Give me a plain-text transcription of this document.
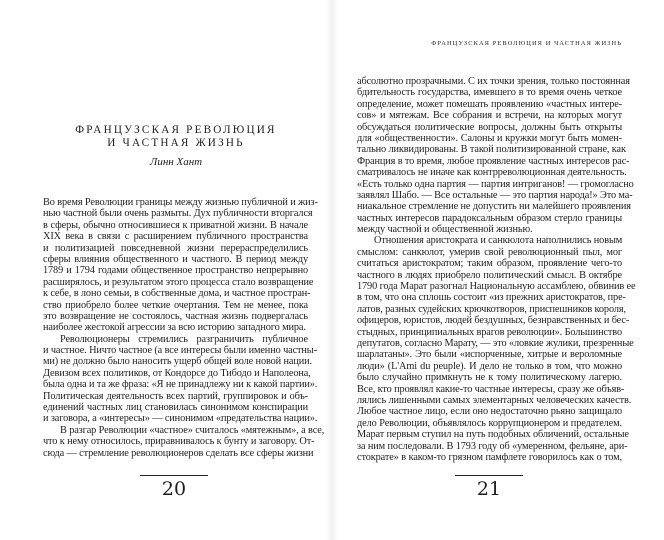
ФРАНЦУЗСКАЯ РЕВОЛЮЦИЯ
И ЧАСТНАЯ ЖИЗНЬ
Линн Хант
Во время Революции границы между жизнью публичной и жиз-
нью частной были очень размыты. Дух публичности вторгался
в сферы, обычно относившиеся к приватной жизни. В начале
XIX века в связи с расширением публичного пространства
и политизацией повседневной жизни перераспределились
сферы влияния общественного и частного. В период между
1789 и 1794 годами общественное пространство непрерывно
расширялось, и результатом этого процесса стало возвращение
к себе, в лоно семьи, в собственные дома, и частное простран-
ство приобрело более четкие очертания. Тем не менее, пока
это возвращение не состоялось, частная жизнь подвергалась
наиболее жестокой агрессии за всю историю западного мира.
Революционеры стремились разграничить публичное
и частное. Ничто частное (а все интересы были именно частны-
ми) не должно было наносить ущерб общей воле новой нации.
Девизом всех политиков, от Кондорсе до Тибодо и Наполеона,
была одна и та же фраза: «Я не принадлежу ни к какой партии».
Политическая деятельность всех партий, группировок и объ-
единений частных лиц становилась синонимом конспирации
и заговора, а «интересы» — синонимом «предательства нации».
В разгар Революции «частное» считалось «мятежным», а все,
что к нему относилось, приравнивалось к бунту и заговору. От-
сюда — стремление революционеров сделать все сферы жизни
20
ФРАНЦУЗСКАЯ РЕВОЛЮЦИЯ И ЧАСТНАЯ ЖИЗНЬ
абсолютно прозрачными. С их точки зрения, только постоянная
бдительность государства, имевшего в то время очень четкое
определение, может помешать проявлению «частных интере-
сов» и мятежам. Все собрания и встречи, на которых могут
обсуждаться политические вопросы, должны быть открыты
для «общественности». Салоны и кружки могут быть момен-
тально ликвидированы. В такой политизированной стране, как
Франция в то время, любое проявление частных интересов рас-
сматривалось не иначе как контрреволюционная деятельность.
«Есть только одна партия — партия интриганов! — громогласно
заявлял Шабо. — Все остальные — это партия народа!» Это ма-
ниакальное стремление не допустить ни малейшего проявления
частных интересов парадоксальным образом стерло границы
между частной и общественной жизнью.
Отношения аристократа и санкюлота наполнились новым
смыслом: санкюлот, умерив свой революционный пыл, мог
считаться аристократом; таким образом, проявление чего-то
частного в людях приобрело политический смысл. В октябре
1790 года Марат разогнал Национальную ассамблею, обвинив ее
в том, что она сплошь состоит «из прежних аристократов, пре-
латов, разных судейских крючкотворов, приспешников короля,
офицеров, юристов, людей бездушных, безнравственных и бес-
стыдных, принципиальных врагов революции». Большинство
депутатов, согласно Марату, — это «ловкие жулики, презренные
шарлатаны». Это были «испорченные, хитрые и вероломные
люди» (L'Ami du peuple). И дело не только в том, что можно
было случайно примкнуть не к тому политическому лагерю.
Все, кто проявлял какие-то частные интересы, сразу же объяв-
лялись лишенными самых элементарных человеческих качеств.
Любое частное лицо, если оно недостаточно рьяно защищало
дело Революции, объявлялось коррупционером и предателем.
Марат первым ступил на путь подобных обличений, остальные
за ним последовали. В 1793 году об «умеренном, фельяне, ари-
стократе» в каком-то грязном памфлете говорилось как о том,
21
